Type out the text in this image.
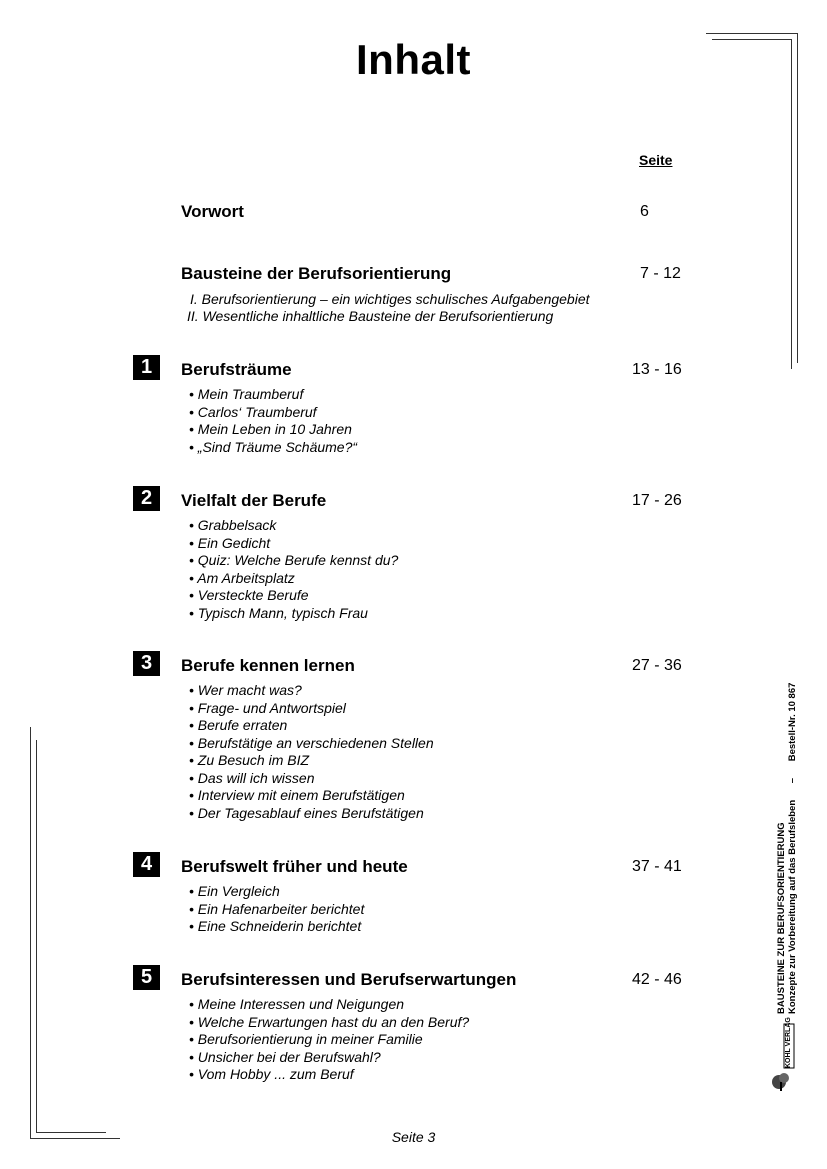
Inhalt
Seite
Vorwort	6
Bausteine der Berufsorientierung	7 - 12
I. Berufsorientierung – ein wichtiges schulisches Aufgabengebiet
II. Wesentliche inhaltliche Bausteine der Berufsorientierung
1	Berufsträume	13 - 16
• Mein Traumberuf
• Carlos‘ Traumberuf
• Mein Leben in 10 Jahren
• „Sind Träume Schäume?“
2	Vielfalt der Berufe	17 - 26
• Grabbelsack
• Ein Gedicht
• Quiz: Welche Berufe kennst du?
• Am Arbeitsplatz
• Versteckte Berufe
• Typisch Mann, typisch Frau
3	Berufe kennen lernen	27 - 36
• Wer macht was?
• Frage- und Antwortspiel
• Berufe erraten
• Berufstätige an verschiedenen Stellen
• Zu Besuch im BIZ
• Das will ich wissen
• Interview mit einem Berufstätigen
• Der Tagesablauf eines Berufstätigen
4	Berufswelt früher und heute	37 - 41
• Ein Vergleich
• Ein Hafenarbeiter berichtet
• Eine Schneiderin berichtet
5	Berufsinteressen und Berufserwartungen	42 - 46
• Meine Interessen und Neigungen
• Welche Erwartungen hast du an den Beruf?
• Berufsorientierung in meiner Familie
• Unsicher bei der Berufswahl?
• Vom Hobby ... zum Beruf
BAUSTEINE ZUR BERUFSORIENTIERUNG Konzepte zur Vorbereitung auf das Berufsleben – Bestell-Nr. 10 867
KOHL VERLAG
Seite 3
